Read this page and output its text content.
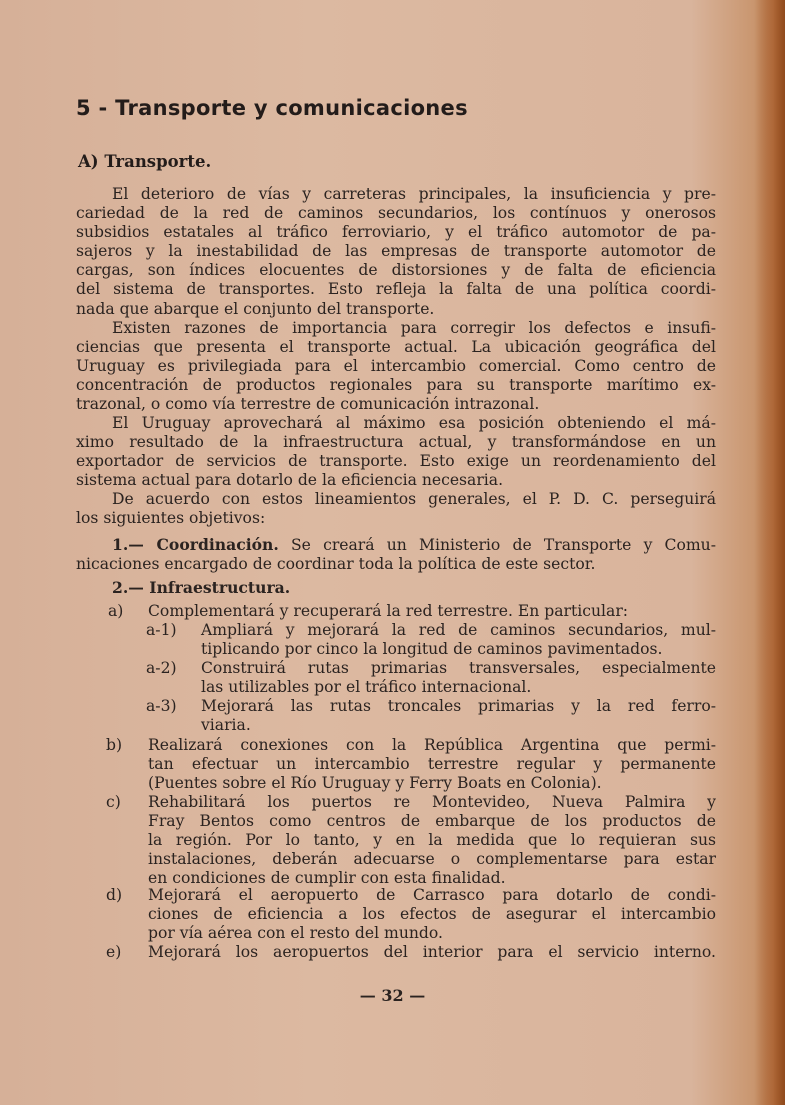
5 - Transporte y comunicaciones
A) Transporte.
El deterioro de vías y carreteras principales, la insuficiencia y pre-
cariedad de la red de caminos secundarios, los contínuos y onerosos
subsidios estatales al tráfico ferroviario, y el tráfico automotor de pa-
sajeros y la inestabilidad de las empresas de transporte automotor de
cargas, son índices elocuentes de distorsiones y de falta de eficiencia
del sistema de transportes. Esto refleja la falta de una política coordi-
nada que abarque el conjunto del transporte.
Existen razones de importancia para corregir los defectos e insufi-
ciencias que presenta el transporte actual. La ubicación geográfica del
Uruguay es privilegiada para el intercambio comercial. Como centro de
concentración de productos regionales para su transporte marítimo ex-
trazonal, o como vía terrestre de comunicación intrazonal.
El Uruguay aprovechará al máximo esa posición obteniendo el má-
ximo resultado de la infraestructura actual, y transformándose en un
exportador de servicios de transporte. Esto exige un reordenamiento del
sistema actual para dotarlo de la eficiencia necesaria.
De acuerdo con estos lineamientos generales, el P. D. C. perseguirá
los siguientes objetivos:
1.— Coordinación. Se creará un Ministerio de Transporte y Comu-
nicaciones encargado de coordinar toda la política de este sector.
2.— Infraestructura.
a) Complementará y recuperará la red terrestre. En particular:
a-1) Ampliará y mejorará la red de caminos secundarios, mul-
tiplicando por cinco la longitud de caminos pavimentados.
a-2) Construirá rutas primarias transversales, especialmente
las utilizables por el tráfico internacional.
a-3) Mejorará las rutas troncales primarias y la red ferro-
viaria.
b) Realizará conexiones con la República Argentina que permi-
tan efectuar un intercambio terrestre regular y permanente
(Puentes sobre el Río Uruguay y Ferry Boats en Colonia).
c) Rehabilitará los puertos re Montevideo, Nueva Palmira y
Fray Bentos como centros de embarque de los productos de
la región. Por lo tanto, y en la medida que lo requieran sus
instalaciones, deberán adecuarse o complementarse para estar
en condiciones de cumplir con esta finalidad.
d) Mejorará el aeropuerto de Carrasco para dotarlo de condi-
ciones de eficiencia a los efectos de asegurar el intercambio
por vía aérea con el resto del mundo.
e) Mejorará los aeropuertos del interior para el servicio interno.
— 32 —
